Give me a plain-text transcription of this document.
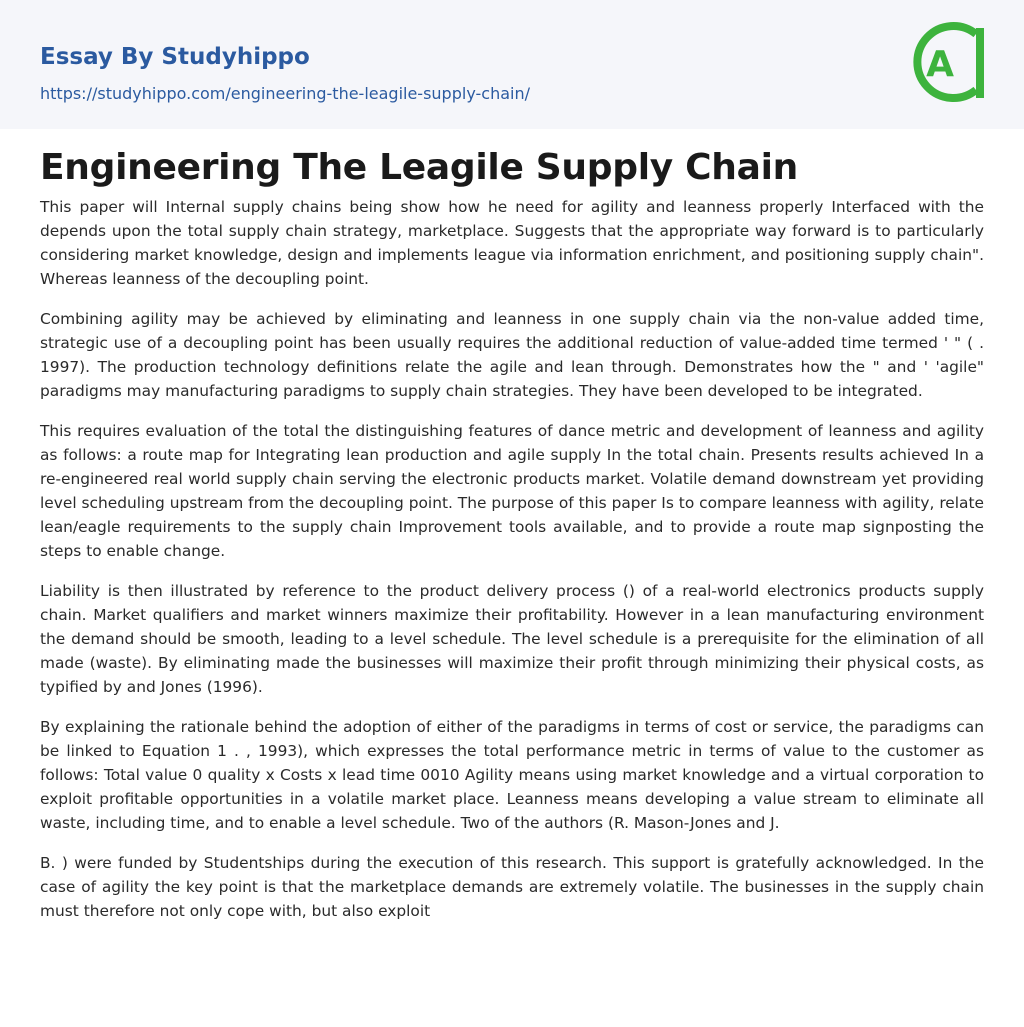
Essay By Studyhippo
https://studyhippo.com/engineering-the-leagile-supply-chain/
A
Engineering The Leagile Supply Chain

This paper will Internal supply chains being show how he need for agility and leanness properly Interfaced with the depends upon the total supply chain strategy, marketplace. Suggests that the appropriate way forward is to particularly considering market knowledge, design and implements league via information enrichment, and positioning supply chain". Whereas leanness of the decoupling point.

Combining agility may be achieved by eliminating and leanness in one supply chain via the non-value added time, strategic use of a decoupling point has been usually requires the additional reduction of value-added time termed ' " ( . 1997). The production technology definitions relate the agile and lean through. Demonstrates how the " and ' 'agile" paradigms may manufacturing paradigms to supply chain strategies. They have been developed to be integrated.

This requires evaluation of the total the distinguishing features of dance metric and development of leanness and agility as follows: a route map for Integrating lean production and agile supply In the total chain. Presents results achieved In a re-engineered real world supply chain serving the electronic products market. Volatile demand downstream yet providing level scheduling upstream from the decoupling point. The purpose of this paper Is to compare leanness with agility, relate lean/eagle requirements to the supply chain Improvement tools available, and to provide a route map signposting the steps to enable change.

Liability is then illustrated by reference to the product delivery process () of a real-world electronics products supply chain. Market qualifiers and market winners maximize their profitability. However in a lean manufacturing environment the demand should be smooth, leading to a level schedule. The level schedule is a prerequisite for the elimination of all made (waste). By eliminating made the businesses will maximize their profit through minimizing their physical costs, as typified by and Jones (1996).

By explaining the rationale behind the adoption of either of the paradigms in terms of cost or service, the paradigms can be linked to Equation 1 . , 1993), which expresses the total performance metric in terms of value to the customer as follows: Total value 0 quality x Costs x lead time 0010 Agility means using market knowledge and a virtual corporation to exploit profitable opportunities in a volatile market place. Leanness means developing a value stream to eliminate all waste, including time, and to enable a level schedule. Two of the authors (R. Mason-Jones and J.

B. ) were funded by Studentships during the execution of this research. This support is gratefully acknowledged. In the case of agility the key point is that the marketplace demands are extremely volatile. The businesses in the supply chain must therefore not only cope with, but also exploit
